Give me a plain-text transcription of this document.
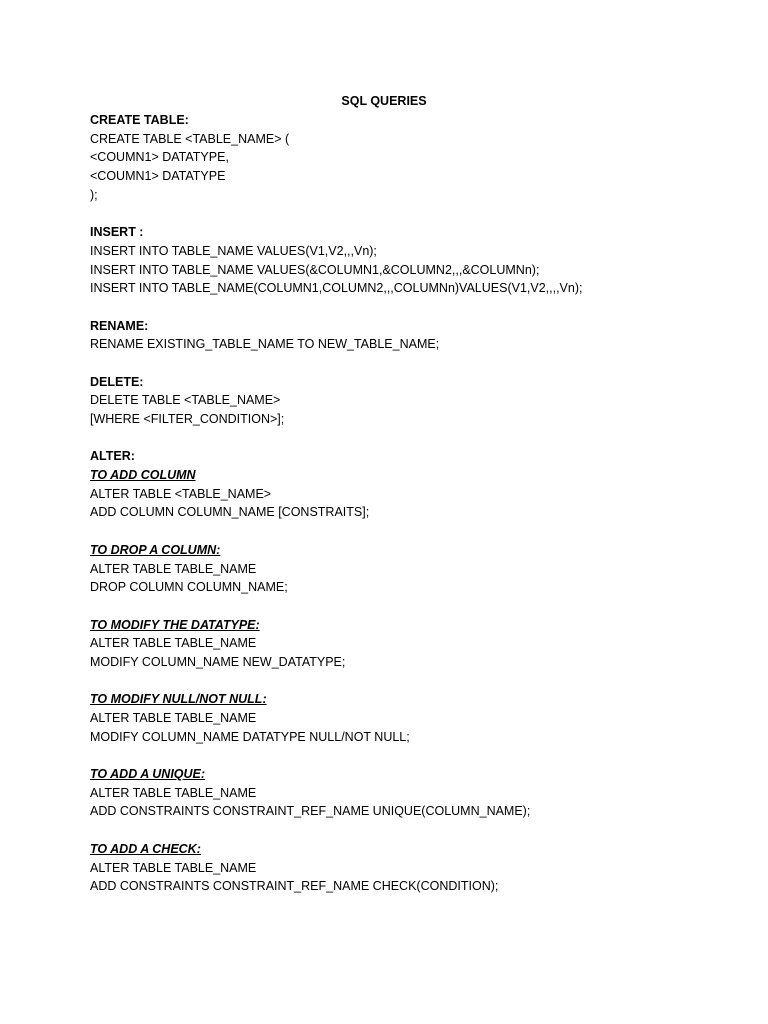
SQL QUERIES
CREATE TABLE:
CREATE TABLE <TABLE_NAME> (
<COUMN1> DATATYPE,
<COUMN1> DATATYPE
);
INSERT :
INSERT INTO TABLE_NAME VALUES(V1,V2,,,Vn);
INSERT INTO TABLE_NAME VALUES(&COLUMN1,&COLUMN2,,,&COLUMNn);
INSERT INTO TABLE_NAME(COLUMN1,COLUMN2,,,COLUMNn)VALUES(V1,V2,,,,Vn);
RENAME:
RENAME EXISTING_TABLE_NAME TO NEW_TABLE_NAME;
DELETE:
DELETE TABLE <TABLE_NAME>
[WHERE <FILTER_CONDITION>];
ALTER:
TO ADD COLUMN
ALTER TABLE <TABLE_NAME>
ADD COLUMN COLUMN_NAME [CONSTRAITS];
TO DROP A COLUMN:
ALTER TABLE TABLE_NAME
DROP COLUMN COLUMN_NAME;
TO MODIFY THE DATATYPE:
ALTER TABLE TABLE_NAME
MODIFY COLUMN_NAME NEW_DATATYPE;
TO MODIFY NULL/NOT NULL:
ALTER TABLE TABLE_NAME
MODIFY COLUMN_NAME DATATYPE NULL/NOT NULL;
TO ADD A UNIQUE:
ALTER TABLE TABLE_NAME
ADD CONSTRAINTS CONSTRAINT_REF_NAME UNIQUE(COLUMN_NAME);
TO ADD A CHECK:
ALTER TABLE TABLE_NAME
ADD CONSTRAINTS CONSTRAINT_REF_NAME CHECK(CONDITION);
